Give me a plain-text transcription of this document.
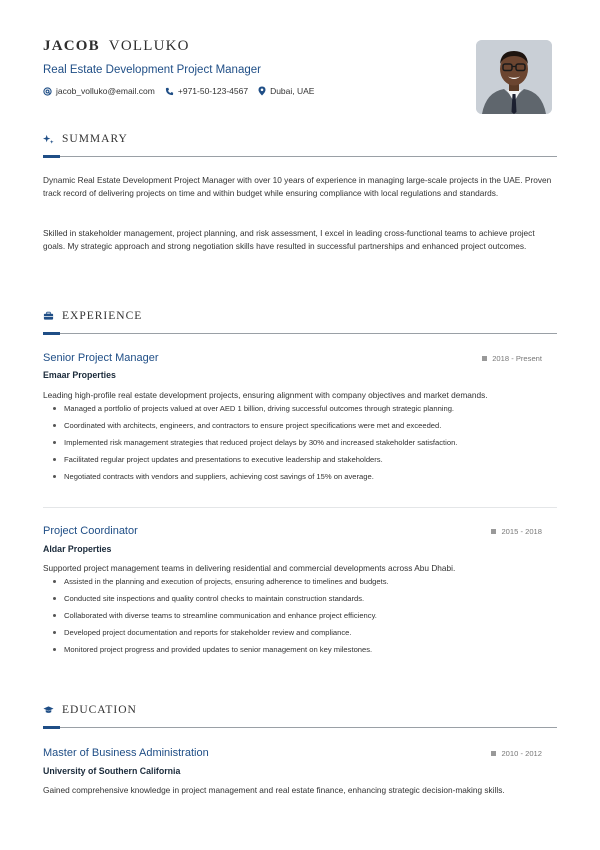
JACOB VOLLUKO
Real Estate Development Project Manager
jacob_volluko@email.com	+971-50-123-4567	Dubai, UAE
SUMMARY
Dynamic Real Estate Development Project Manager with over 10 years of experience in managing large-scale projects in the UAE. Proven track record of delivering projects on time and within budget while ensuring compliance with local regulations and standards.
Skilled in stakeholder management, project planning, and risk assessment, I excel in leading cross-functional teams to achieve project goals. My strategic approach and strong negotiation skills have resulted in successful partnerships and enhanced project outcomes.
EXPERIENCE
Senior Project Manager	2018 - Present
Emaar Properties
Leading high-profile real estate development projects, ensuring alignment with company objectives and market demands.
Managed a portfolio of projects valued at over AED 1 billion, driving successful outcomes through strategic planning.
Coordinated with architects, engineers, and contractors to ensure project specifications were met and exceeded.
Implemented risk management strategies that reduced project delays by 30% and increased stakeholder satisfaction.
Facilitated regular project updates and presentations to executive leadership and stakeholders.
Negotiated contracts with vendors and suppliers, achieving cost savings of 15% on average.
Project Coordinator	2015 - 2018
Aldar Properties
Supported project management teams in delivering residential and commercial developments across Abu Dhabi.
Assisted in the planning and execution of projects, ensuring adherence to timelines and budgets.
Conducted site inspections and quality control checks to maintain construction standards.
Collaborated with diverse teams to streamline communication and enhance project efficiency.
Developed project documentation and reports for stakeholder review and compliance.
Monitored project progress and provided updates to senior management on key milestones.
EDUCATION
Master of Business Administration	2010 - 2012
University of Southern California
Gained comprehensive knowledge in project management and real estate finance, enhancing strategic decision-making skills.
